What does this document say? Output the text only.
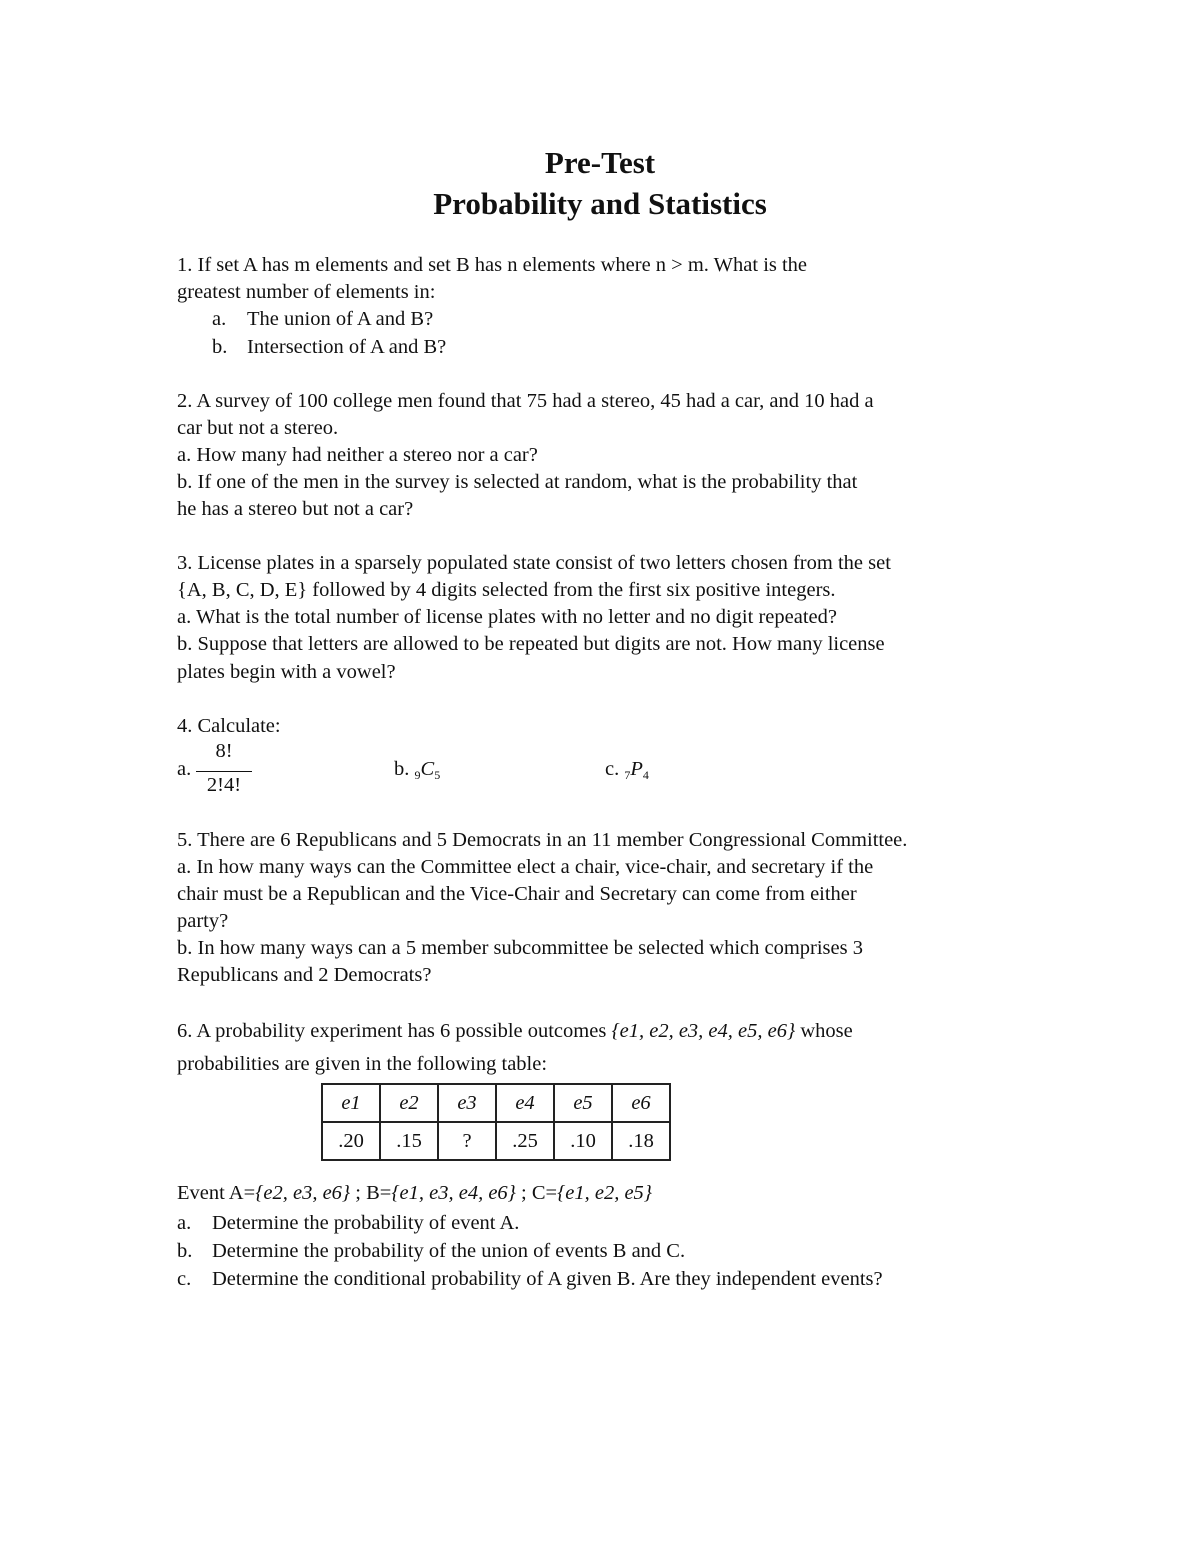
Pre-Test
Probability and Statistics
1. If set A has m elements and set B has n elements where n > m. What is the
greatest number of elements in:
a. The union of A and B?
b. Intersection of A and B?
2. A survey of 100 college men found that 75 had a stereo, 45 had a car, and 10 had a
car but not a stereo.
a. How many had neither a stereo nor a car?
b. If one of the men in the survey is selected at random, what is the probability that
he has a stereo but not a car?
3. License plates in a sparsely populated state consist of two letters chosen from the set
{A, B, C, D, E} followed by 4 digits selected from the first six positive integers.
a. What is the total number of license plates with no letter and no digit repeated?
b. Suppose that letters are allowed to be repeated but digits are not. How many license
plates begin with a vowel?
4. Calculate:
a.
8!
2!4!
b. $_9C_5$	c. $_7P_4$
5. There are 6 Republicans and 5 Democrats in an 11 member Congressional Committee.
a. In how many ways can the Committee elect a chair, vice-chair, and secretary if the
chair must be a Republican and the Vice-Chair and Secretary can come from either
party?
b. In how many ways can a 5 member subcommittee be selected which comprises 3
Republicans and 2 Democrats?
6. A probability experiment has 6 possible outcomes {e1, e2, e3, e4, e5, e6} whose
probabilities are given in the following table:
e1	e2	e3	e4	e5	e6
.20	.15	?	.25	.10	.18
Event A={e2, e3, e6} ; B={e1, e3, e4, e6} ; C={e1, e2, e5}
a. Determine the probability of event A.
b. Determine the probability of the union of events B and C.
c. Determine the conditional probability of A given B. Are they independent events?
